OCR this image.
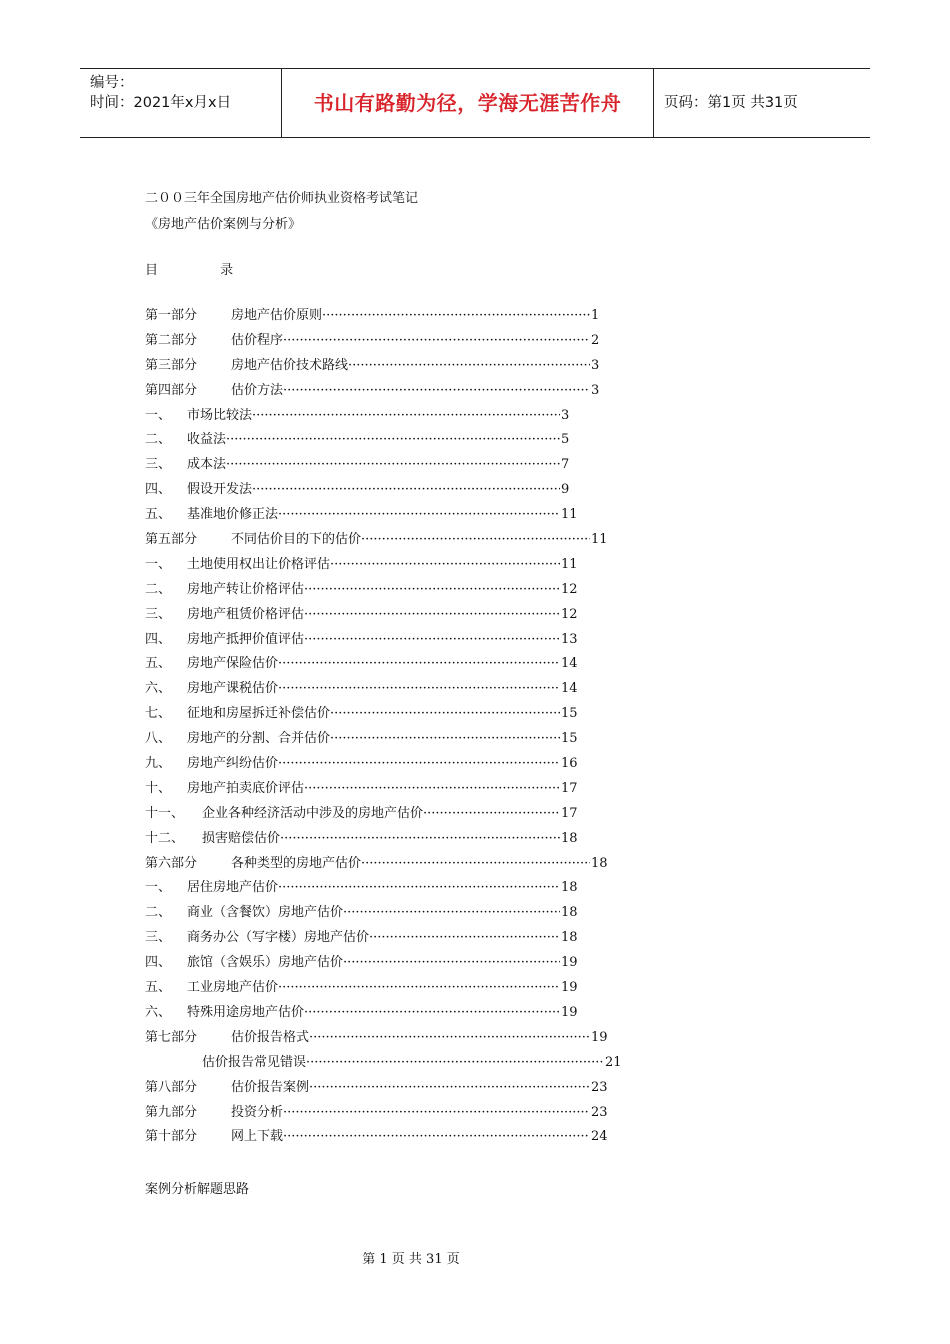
编号：
时间：2021年x月x日	书山有路勤为径，学海无涯苦作舟	页码：第1页 共31页
二００三年全国房地产估价师执业资格考试笔记
《房地产估价案例与分析》
目	录
第一部分	房地产估价原则 ·····	1
第二部分	估价程序 ·····	2
第三部分	房地产估价技术路线 ·····	3
第四部分	估价方法 ·····	3
一、 市场比较法 ·····	3
二、 收益法 ·····	5
三、 成本法 ·····	7
四、 假设开发法 ·····	9
五、 基准地价修正法 ·····	11
第五部分	不同估价目的下的估价 ·····	11
一、 土地使用权出让价格评估 ·····	11
二、 房地产转让价格评估 ·····	12
三、 房地产租赁价格评估 ·····	12
四、 房地产抵押价值评估 ·····	13
五、 房地产保险估价 ·····	14
六、 房地产课税估价 ·····	14
七、 征地和房屋拆迁补偿估价 ·····	15
八、 房地产的分割、合并估价 ·····	15
九、 房地产纠纷估价 ·····	16
十、 房地产拍卖底价评估 ·····	17
十一、 企业各种经济活动中涉及的房地产估价 ·····	17
十二、 损害赔偿估价 ·····	18
第六部分	各种类型的房地产估价 ·····	18
一、 居住房地产估价 ·····	18
二、 商业（含餐饮）房地产估价 ·····	18
三、 商务办公（写字楼）房地产估价 ·····	18
四、 旅馆（含娱乐）房地产估价 ·····	19
五、 工业房地产估价 ·····	19
六、 特殊用途房地产估价 ·····	19
第七部分	估价报告格式 ·····	19
估价报告常见错误 ·····	21
第八部分	估价报告案例 ·····	23
第九部分	投资分析 ·····	23
第十部分	网上下载 ·····	24
案例分析解题思路
第 1 页 共 31 页
